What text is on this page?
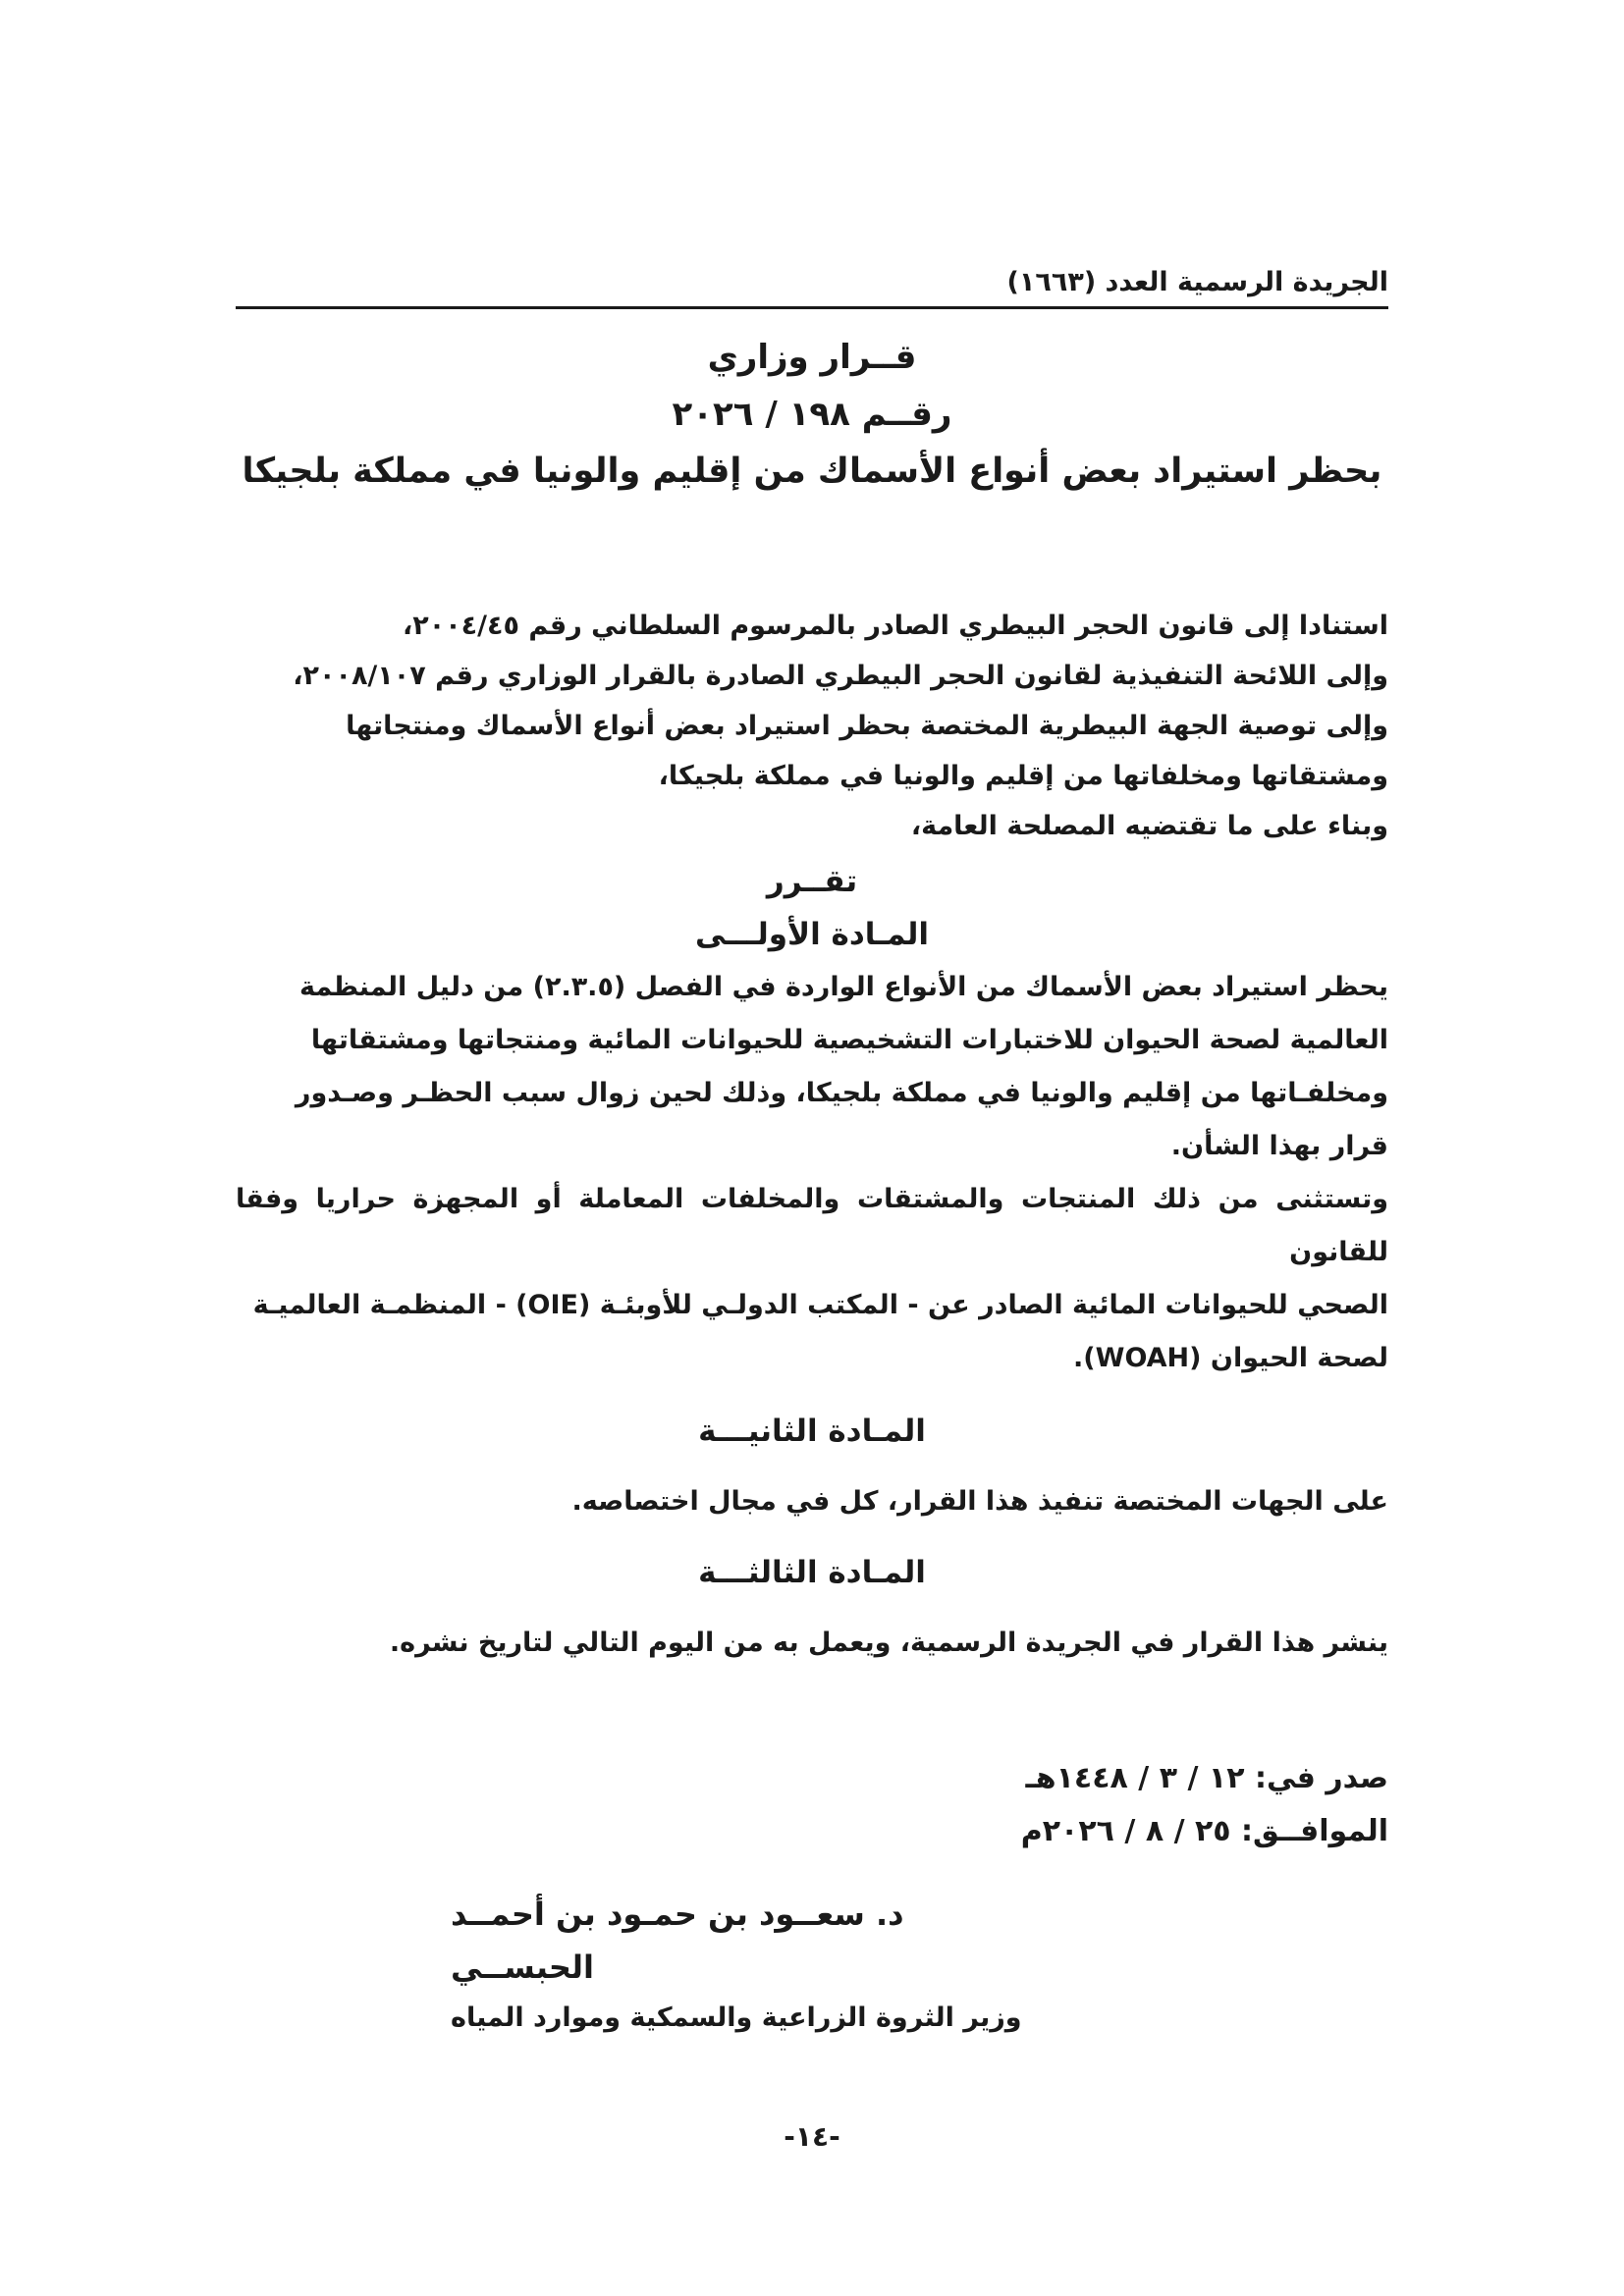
الجريدة الرسمية العدد (١٦٦٣)
قــرار وزاري
رقــم ١٩٨ / ٢٠٢٦
بحظر استيراد بعض أنواع الأسماك من إقليم والونيا في مملكة بلجيكا
استنادا إلى قانون الحجر البيطري الصادر بالمرسوم السلطاني رقم ٢٠٠٤/٤٥،
وإلى اللائحة التنفيذية لقانون الحجر البيطري الصادرة بالقرار الوزاري رقم ٢٠٠٨/١٠٧،
وإلى توصية الجهة البيطرية المختصة بحظر استيراد بعض أنواع الأسماك ومنتجاتها
ومشتقاتها ومخلفاتها من إقليم والونيا في مملكة بلجيكا،
وبناء على ما تقتضيه المصلحة العامة،
تقــرر
المـادة الأولـــى
يحظر استيراد بعض الأسماك من الأنواع الواردة في الفصل (٢.٣.٥) من دليل المنظمة
العالمية لصحة الحيوان للاختبارات التشخيصية للحيوانات المائية ومنتجاتها ومشتقاتها
ومخلفـاتها من إقليم والونيا في مملكة بلجيكا، وذلك لحين زوال سبب الحظـر وصـدور
قرار بهذا الشأن.
وتستثنى من ذلك المنتجات والمشتقات والمخلفات المعاملة أو المجهزة حراريا وفقا للقانون
الصحي للحيوانات المائية الصادر عن - المكتب الدولـي للأوبئـة (OIE) - المنظمـة العالميـة
لصحة الحيوان (WOAH).
المـادة الثانيـــة
على الجهات المختصة تنفيذ هذا القرار، كل في مجال اختصاصه.
المـادة الثالثـــة
ينشر هذا القرار في الجريدة الرسمية، ويعمل به من اليوم التالي لتاريخ نشره.
صدر في: ١٢ / ٣ / ١٤٤٨هـ
الموافــق: ٢٥ / ٨ / ٢٠٢٦م
د. سعــود بن حمـود بن أحمــد الحبســي
وزير الثروة الزراعية والسمكية وموارد المياه
-١٤-
